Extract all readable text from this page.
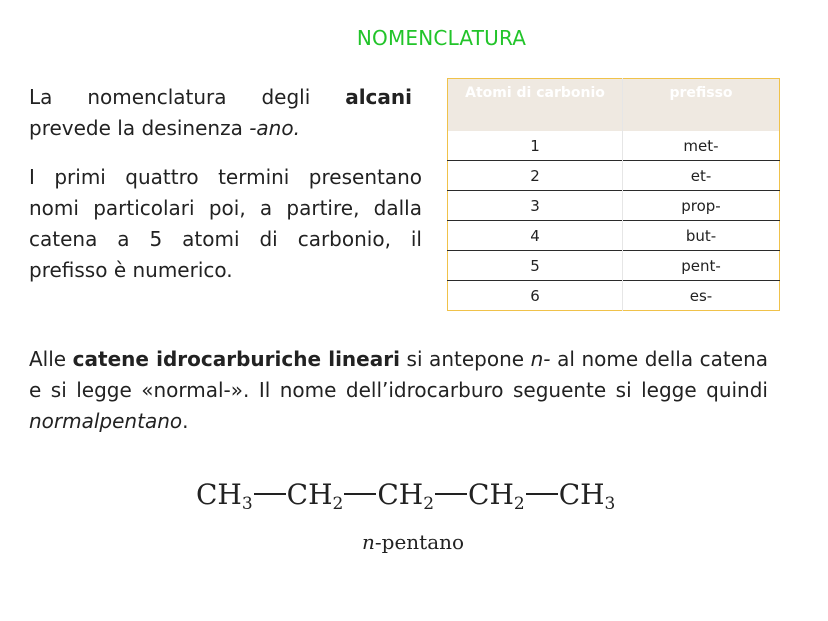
NOMENCLATURA

La nomenclatura degli alcani prevede la desinenza -ano.

I primi quattro termini presentano nomi particolari poi, a partire, dalla catena a 5 atomi di carbonio, il prefisso è numerico.

Atomi di carbonio	prefisso
1	met-
2	et-
3	prop-
4	but-
5	pent-
6	es-

Alle catene idrocarburiche lineari si antepone n- al nome della catena e si legge «normal-». Il nome dell’idrocarburo seguente si legge quindi normalpentano.

$CH_3$ $CH_2$ $CH_2$ $CH_2$ $CH_3$
n-pentano
